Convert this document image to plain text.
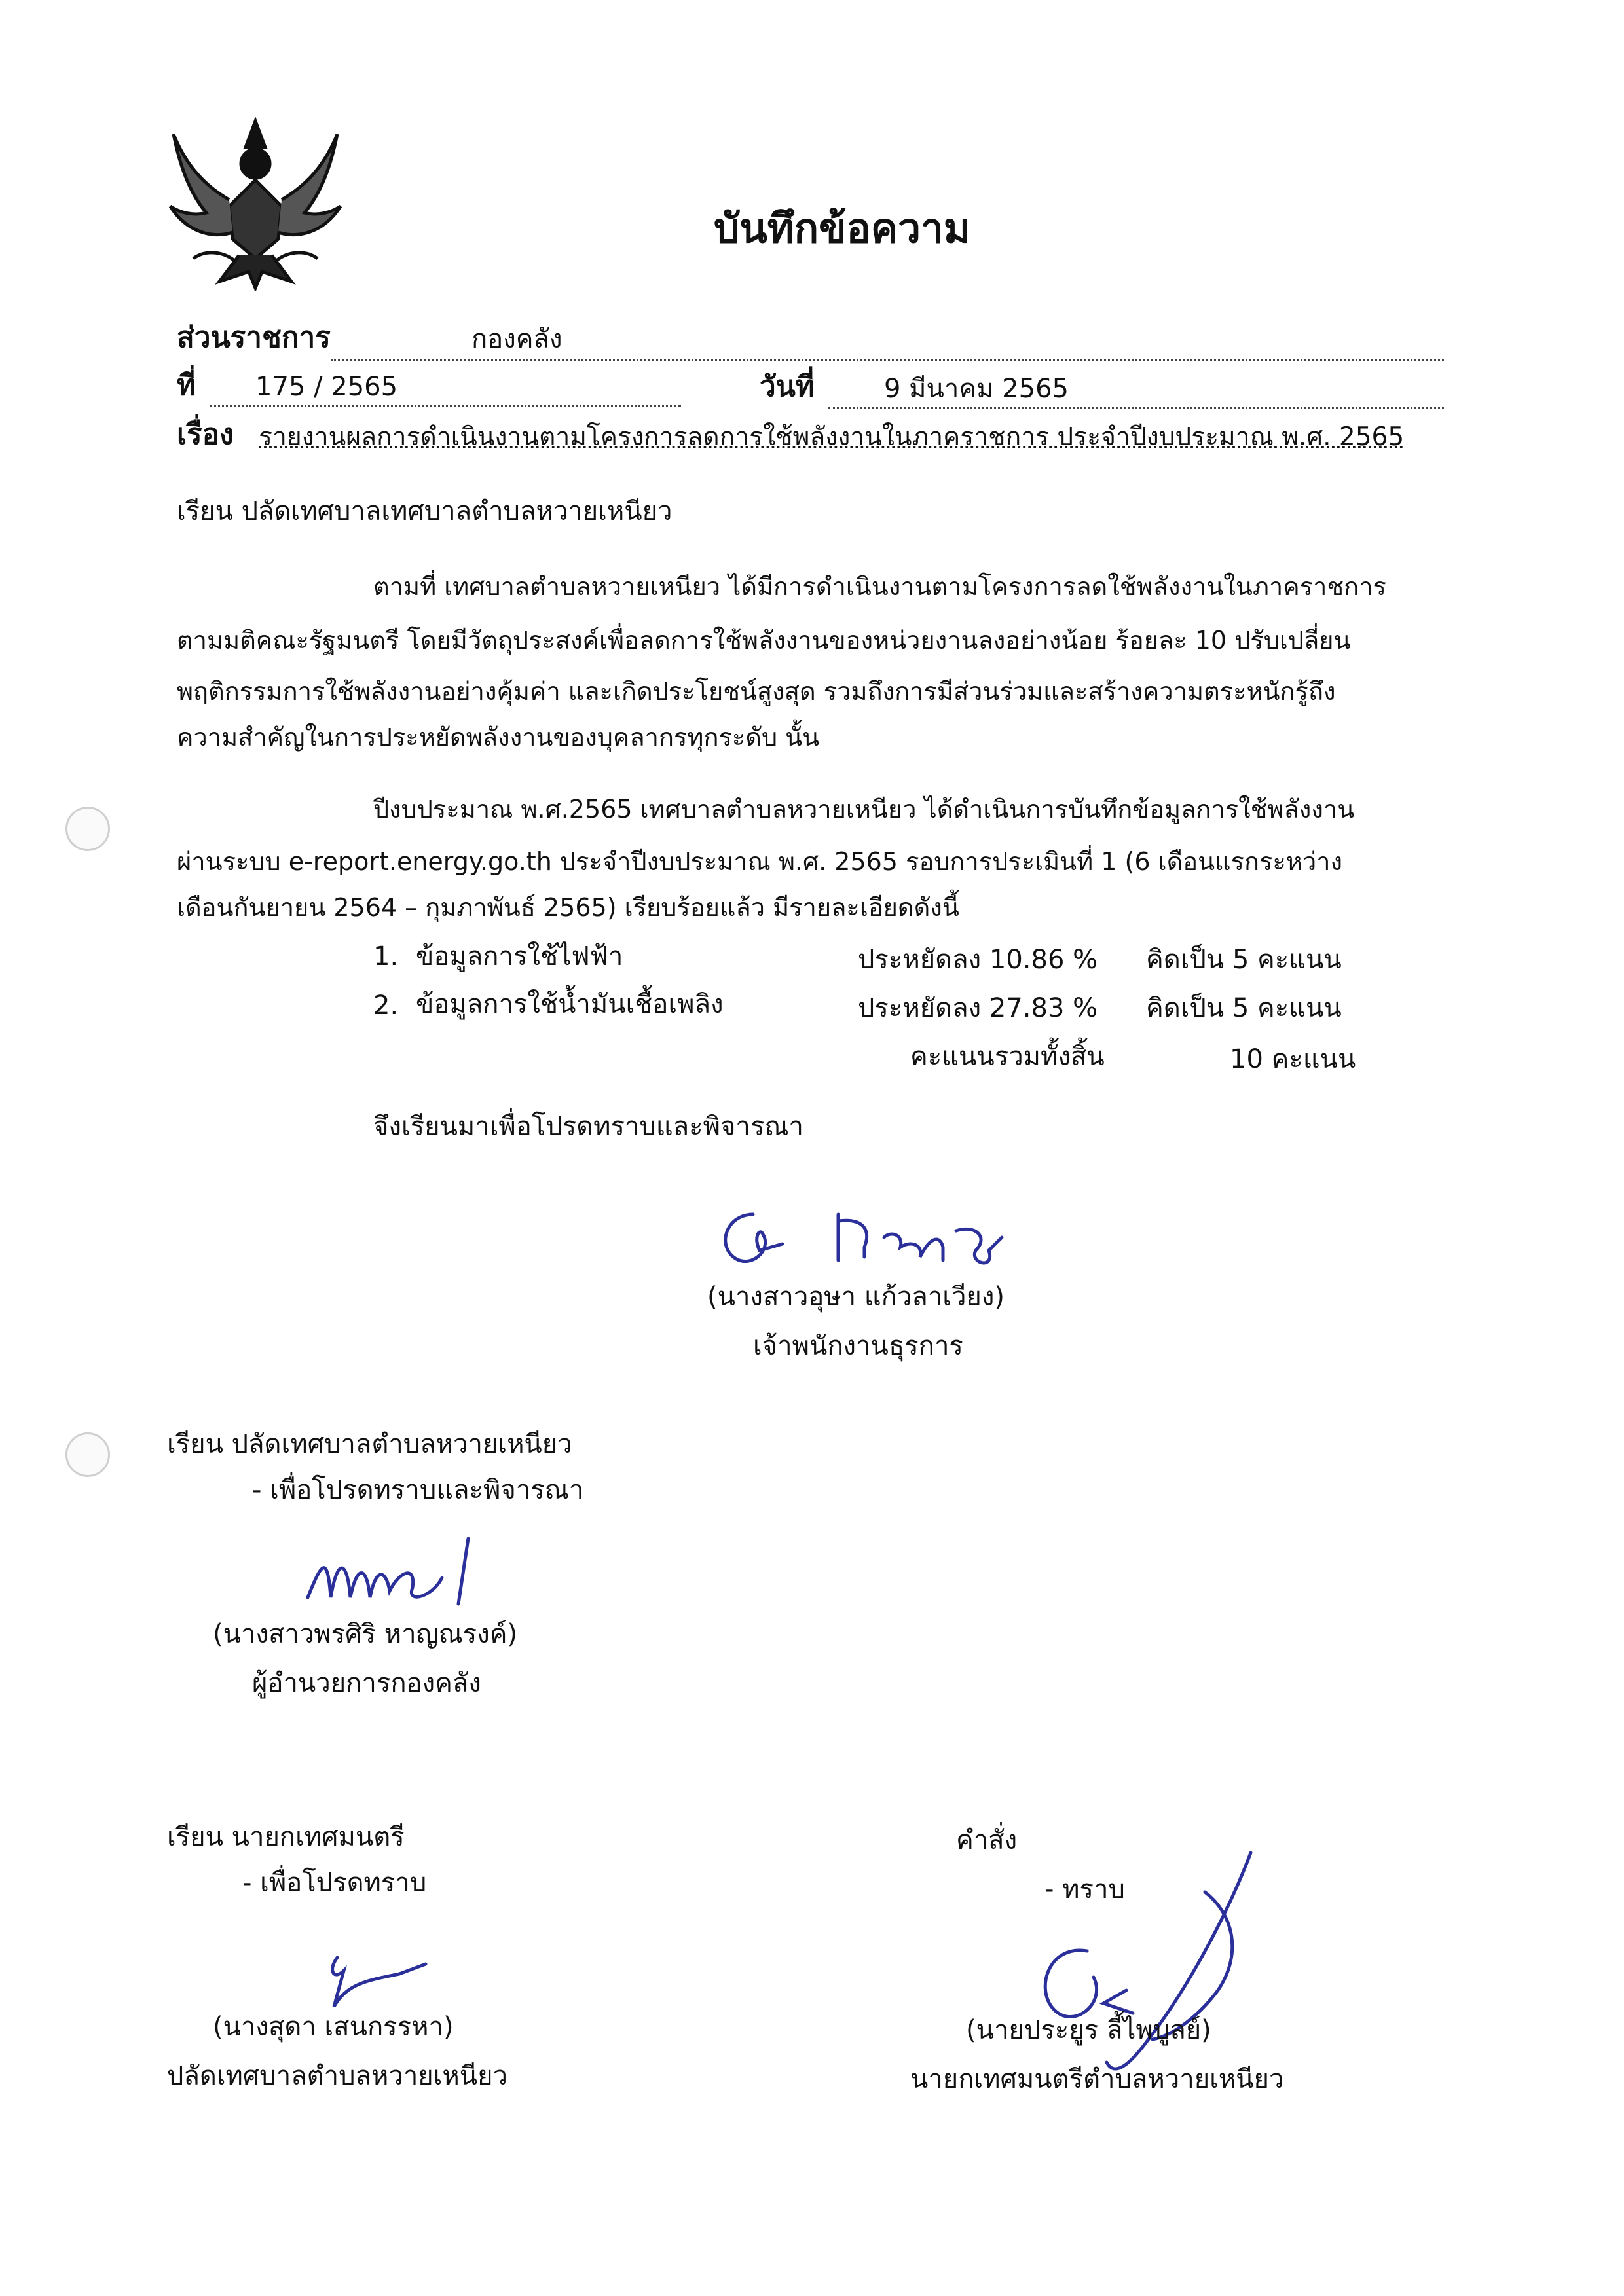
บันทึกข้อความ
ส่วนราชการ	กองคลัง
ที่ 175 / 2565	วันที่	9 มีนาคม 2565
เรื่อง รายงานผลการดำเนินงานตามโครงการลดการใช้พลังงานในภาคราชการ ประจำปีงบประมาณ พ.ศ. 2565
เรียน ปลัดเทศบาลเทศบาลตำบลหวายเหนียว
ตามที่ เทศบาลตำบลหวายเหนียว ได้มีการดำเนินงานตามโครงการลดใช้พลังงานในภาคราชการ
ตามมติคณะรัฐมนตรี โดยมีวัตถุประสงค์เพื่อลดการใช้พลังงานของหน่วยงานลงอย่างน้อย ร้อยละ 10 ปรับเปลี่ยน
พฤติกรรมการใช้พลังงานอย่างคุ้มค่า และเกิดประโยชน์สูงสุด รวมถึงการมีส่วนร่วมและสร้างความตระหนักรู้ถึง
ความสำคัญในการประหยัดพลังงานของบุคลากรทุกระดับ นั้น
ปีงบประมาณ พ.ศ.2565 เทศบาลตำบลหวายเหนียว ได้ดำเนินการบันทึกข้อมูลการใช้พลังงาน
ผ่านระบบ e-report.energy.go.th ประจำปีงบประมาณ พ.ศ. 2565 รอบการประเมินที่ 1 (6 เดือนแรกระหว่าง
เดือนกันยายน 2564 – กุมภาพันธ์ 2565) เรียบร้อยแล้ว มีรายละเอียดดังนี้
1. ข้อมูลการใช้ไฟฟ้า	ประหยัดลง 10.86 % คิดเป็น 5 คะแนน
2. ข้อมูลการใช้น้ำมันเชื้อเพลิง	ประหยัดลง 27.83 % คิดเป็น 5 คะแนน
คะแนนรวมทั้งสิ้น	10 คะแนน
จึงเรียนมาเพื่อโปรดทราบและพิจารณา
(นางสาวอุษา แก้วลาเวียง)
เจ้าพนักงานธุรการ
เรียน ปลัดเทศบาลตำบลหวายเหนียว
- เพื่อโปรดทราบและพิจารณา
(นางสาวพรศิริ หาญณรงค์)
ผู้อำนวยการกองคลัง
เรียน นายกเทศมนตรี
- เพื่อโปรดทราบ
(นางสุดา เสนกรรหา)
ปลัดเทศบาลตำบลหวายเหนียว
คำสั่ง
- ทราบ
(นายประยูร ลี้ไพบูลย์)
นายกเทศมนตรีตำบลหวายเหนียว
